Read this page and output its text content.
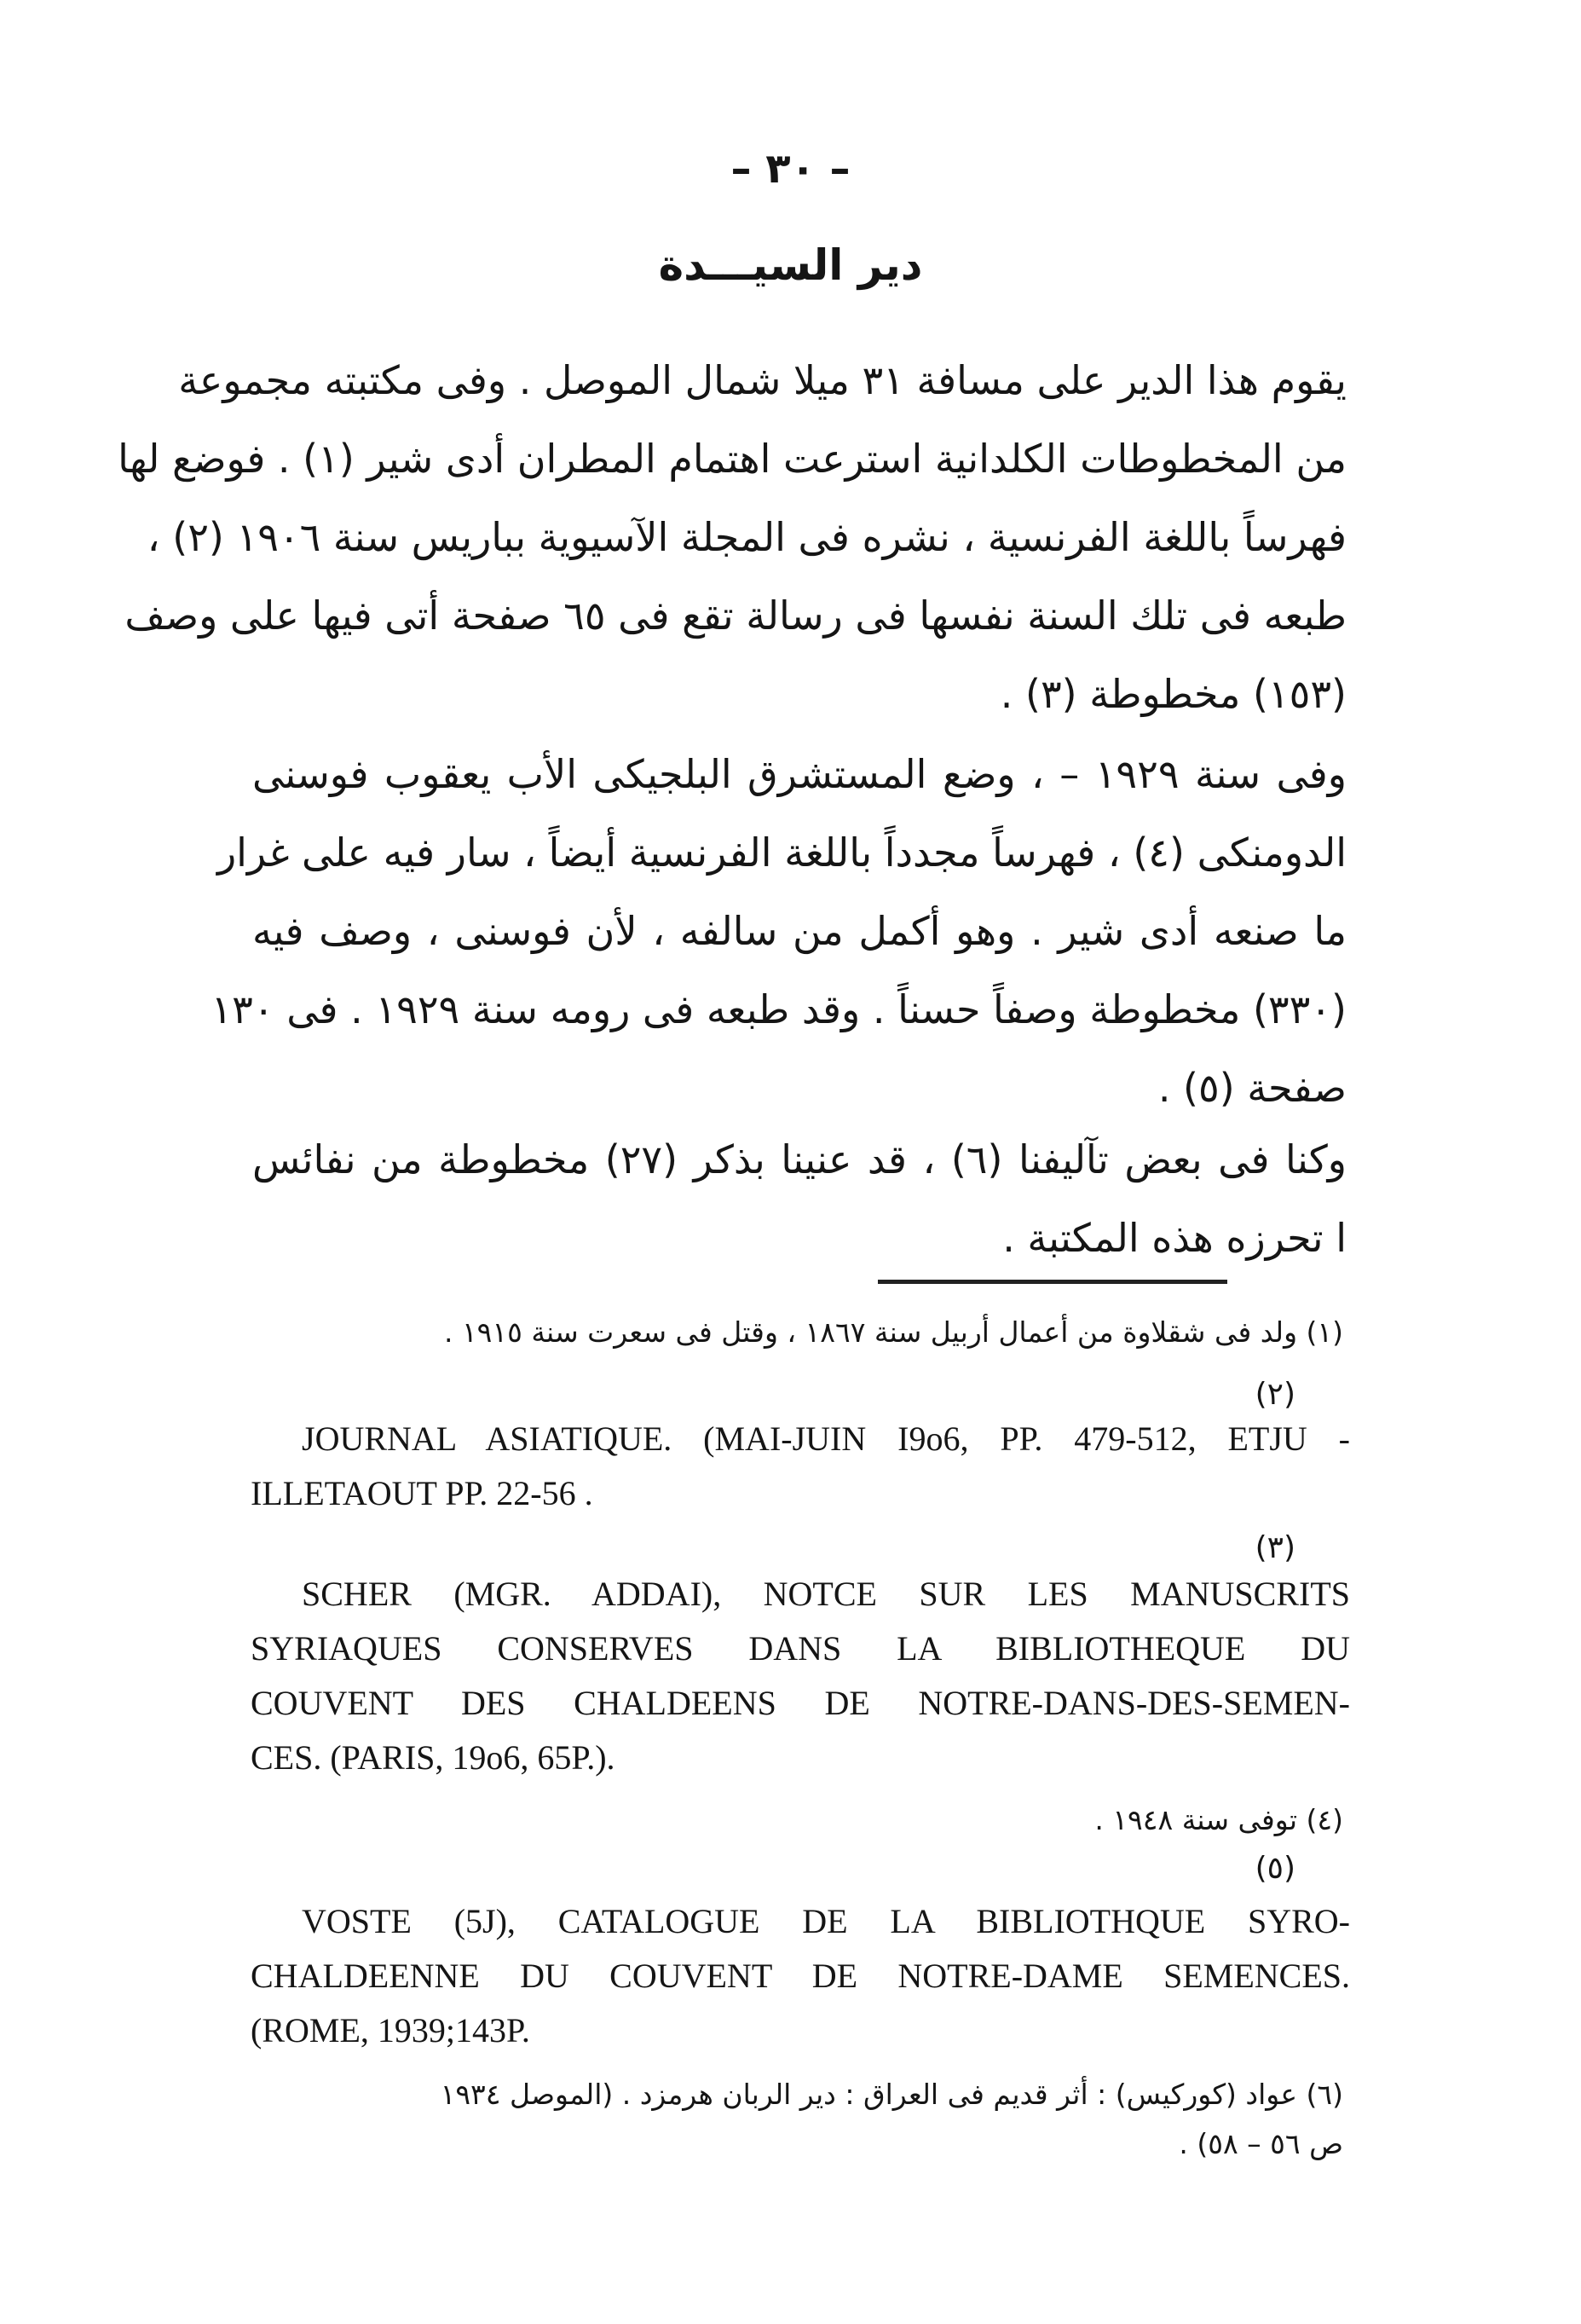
– ٣٠ –
دير السيـــدة
يقوم هذا الدير على مسافة ٣١ ميلا شمال الموصل . وفى مكتبته مجموعة
من المخطوطات الكلدانية استرعت اهتمام المطران أدى شير (١) . فوضع لها
فهرساً باللغة الفرنسية ، نشره فى المجلة الآسيوية بباريس سنة ١٩٠٦ (٢) ،
طبعه فى تلك السنة نفسها فى رسالة تقع فى ٦٥ صفحة أتى فيها على وصف
(١٥٣) مخطوطة (٣) .
وفى سنة ١٩٢٩ – ، وضع المستشرق البلجيكى الأب يعقوب فوسنى
الدومنكى (٤) ، فهرساً مجدداً باللغة الفرنسية أيضاً ، سار فيه على غرار
ما صنعه أدى شير . وهو أكمل من سالفه ، لأن فوسنى ، وصف فيه
(٣٣٠) مخطوطة وصفاً حسناً . وقد طبعه فى رومه سنة ١٩٢٩ . فى ١٣٠
صفحة (٥) .
وكنا فى بعض تآليفنا (٦) ، قد عنينا بذكر (٢٧) مخطوطة من نفائس
ا تحرزه هذه المكتبة .

(١) ولد فى شقلاوة من أعمال أربيل سنة ١٨٦٧ ، وقتل فى سعرت سنة ١٩١٥ .

(٢)

JOURNAL ASIATIQUE. (MAI-JUIN I9o6, PP. 479-512, ETJU -
ILLETAOUT PP. 22-56 .

(٣)

SCHER (MGR. ADDAI), NOTCE SUR LES MANUSCRITS
SYRIAQUES CONSERVES DANS LA BIBLIOTHEQUE DU
COUVENT DES CHALDEENS DE NOTRE-DANS-DES-SEMEN-
CES. (PARIS, 19o6, 65P.).

(٤) توفى سنة ١٩٤٨ .

(٥)

VOSTE (5J), CATALOGUE DE LA BIBLIOTHQUE SYRO-
CHALDEENNE DU COUVENT DE NOTRE-DAME SEMENCES.
(ROME, 1939;143P.

(٦) عواد (كوركيس) : أثر قديم فى العراق : دير الربان هرمزد . (الموصل ١٩٣٤

ص ٥٦ – ٥٨) .
